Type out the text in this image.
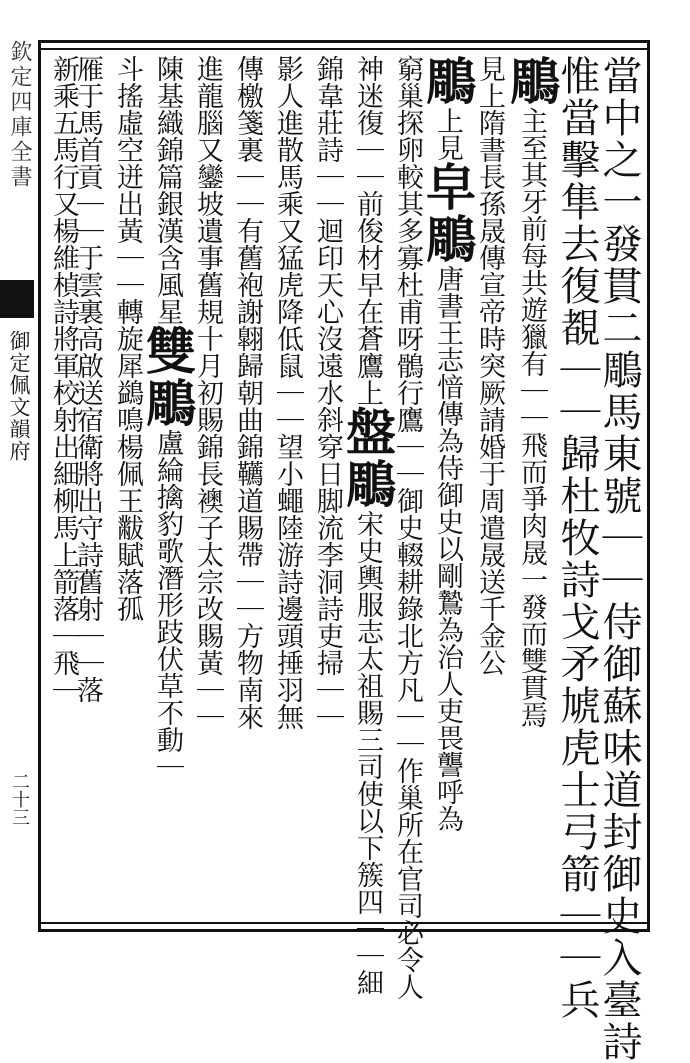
欽定四庫全書
御定佩文韻府
二十三	當中之一發貫二鵰馬東號｜｜侍御蘇味道封御史入臺詩
惟當擊隼去復覩｜｜歸杜牧詩戈矛虓虎士弓箭｜｜兵
鵰主至其牙前每共遊獵有｜｜飛而爭肉晟一發而雙貫焉
見上隋書長孫晟傳宣帝時突厥請婚于周遣晟送千金公
鵰上見皁鵰唐書王志愔傳為侍御史以剛鷙為治人吏畏讋呼為
窮巢探卵較其多寡杜甫呀鶻行鷹｜｜御史輟耕錄北方凡｜｜作巢所在官司必令人
神迷復｜｜前俊材早在蒼鷹上盤鵰宋史輿服志太祖賜三司使以下簇四｜｜細
錦韋莊詩｜｜迴印天心沒遠水斜穿日脚流李洞詩吏掃｜｜
影人進散馬乘又猛虎降低鼠｜｜望小蠅陸游詩邊頭捶羽無
傳檄箋裏｜｜有舊袍謝翺歸朝曲錦韉道賜帶｜｜方物南來
進龍腦又鑾坡遺事舊規十月初賜錦長襖子太宗改賜黃｜｜
陳基織錦篇銀漢含風星雙鵰盧綸擒豹歌潛形跂伏草不動｜
斗搖虛空迸出黃｜｜轉旋犀鷁鳴楊佩王黻賦落孤
雁于馬首貢｜｜于雲裏高啟送宿衛將出守詩舊射｜｜落
新乘五馬行又楊維楨詩將軍校射出細柳馬上箭落｜飛｜
